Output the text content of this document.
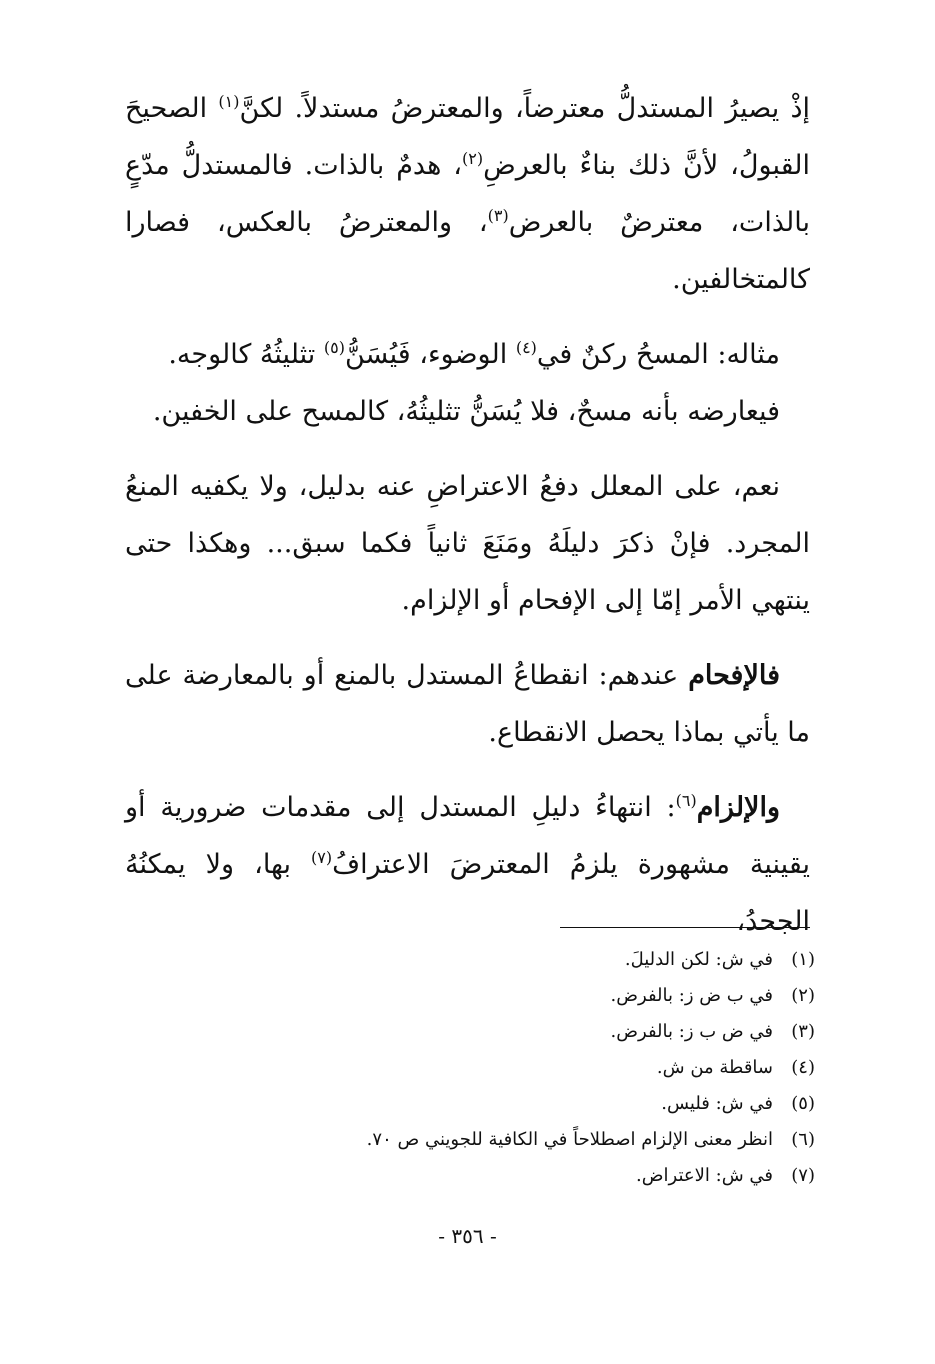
إذْ يصيرُ المستدلُّ معترضاً، والمعترضُ مستدلاً. لكنَّ$^{(١)}$ الصحيحَ القبولُ، لأنَّ ذلك بناءٌ بالعرضِ$^{(٢)}$، هدمٌ بالذات. فالمستدلُّ مدّعٍ بالذات، معترضٌ بالعرض$^{(٣)}$، والمعترضُ بالعكس، فصارا كالمتخالفين.

مثاله: المسحُ ركنٌ في$^{(٤)}$ الوضوء، فَيُسَنُّ$^{(٥)}$ تثليثُهُ كالوجه.

فيعارضه بأنه مسحٌ، فلا يُسَنُّ تثليثُهُ، كالمسح على الخفين.

نعم، على المعلل دفعُ الاعتراضِ عنه بدليل، ولا يكفيه المنعُ المجرد. فإنْ ذكرَ دليلَهُ ومَنَعَ ثانياً فكما سبق... وهكذا حتى ينتهي الأمر إمّا إلى الإفحام أو الإلزام.

فالإفحام عندهم: انقطاعُ المستدل بالمنع أو بالمعارضة على ما يأتي بماذا يحصل الانقطاع.

والإلزام$^{(٦)}$: انتهاءُ دليلِ المستدل إلى مقدمات ضرورية أو يقينية مشهورة يلزمُ المعترضَ الاعترافُ$^{(٧)}$ بها، ولا يمكنُهُ الجحدُ،

(١)في ش: لكن الدليلَ.
(٢)في ب ض ز: بالفرض.
(٣)في ض ب ز: بالفرض.
(٤)ساقطة من ش.
(٥)في ش: فليس.
(٦)انظر معنى الإلزام اصطلاحاً في الكافية للجويني ص ٧٠.
(٧)في ش: الاعتراض.
- ٣٥٦ -
